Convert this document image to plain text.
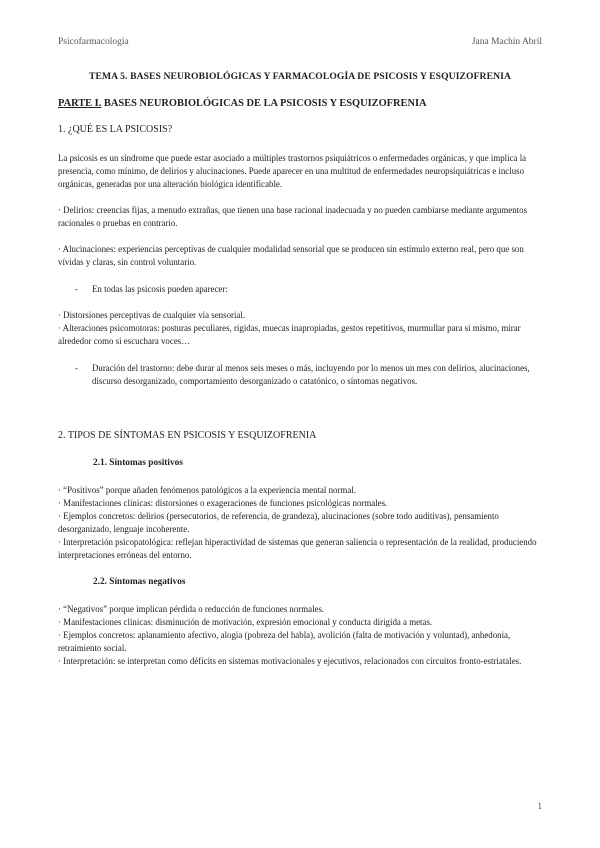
Psicofarmacología	Jana Machín Abril
TEMA 5. BASES NEUROBIOLÓGICAS Y FARMACOLOGÍA DE PSICOSIS Y ESQUIZOFRENIA
PARTE I. BASES NEUROBIOLÓGICAS DE LA PSICOSIS Y ESQUIZOFRENIA
1. ¿QUÉ ES LA PSICOSIS?
La psicosis es un síndrome que puede estar asociado a múltiples trastornos psiquiátricos o enfermedades orgánicas, y que implica la presencia, como mínimo, de delirios y alucinaciones. Puede aparecer en una multitud de enfermedades neuropsiquiátricas e incluso orgánicas, generadas por una alteración biológica identificable.
· Delirios: creencias fijas, a menudo extrañas, que tienen una base racional inadecuada y no pueden cambiarse mediante argumentos racionales o pruebas en contrario.
· Alucinaciones: experiencias perceptivas de cualquier modalidad sensorial que se producen sin estímulo externo real, pero que son vívidas y claras, sin control voluntario.
-	En todas las psicosis pueden aparecer:
· Distorsiones perceptivas de cualquier vía sensorial.
· Alteraciones psicomotoras: posturas peculiares, rígidas, muecas inapropiadas, gestos repetitivos, murmullar para sí mismo, mirar alrededor como si escuchara voces…
-	Duración del trastorno: debe durar al menos seis meses o más, incluyendo por lo menos un mes con delirios, alucinaciones, discurso desorganizado, comportamiento desorganizado o catatónico, o síntomas negativos.
2. TIPOS DE SÍNTOMAS EN PSICOSIS Y ESQUIZOFRENIA
2.1. Síntomas positivos
· “Positivos” porque añaden fenómenos patológicos a la experiencia mental normal.
· Manifestaciones clínicas: distorsiones o exageraciones de funciones psicológicas normales.
· Ejemplos concretos: delirios (persecutorios, de referencia, de grandeza), alucinaciones (sobre todo auditivas), pensamiento desorganizado, lenguaje incoherente.
· Interpretación psicopatológica: reflejan hiperactividad de sistemas que generan saliencia o representación de la realidad, produciendo interpretaciones erróneas del entorno.
2.2. Síntomas negativos
· “Negativos” porque implican pérdida o reducción de funciones normales.
· Manifestaciones clínicas: disminución de motivación, expresión emocional y conducta dirigida a metas.
· Ejemplos concretos: aplanamiento afectivo, alogia (pobreza del habla), avolición (falta de motivación y voluntad), anhedonia, retraimiento social.
· Interpretación: se interpretan como déficits en sistemas motivacionales y ejecutivos, relacionados con circuitos fronto-estriatales.
1
